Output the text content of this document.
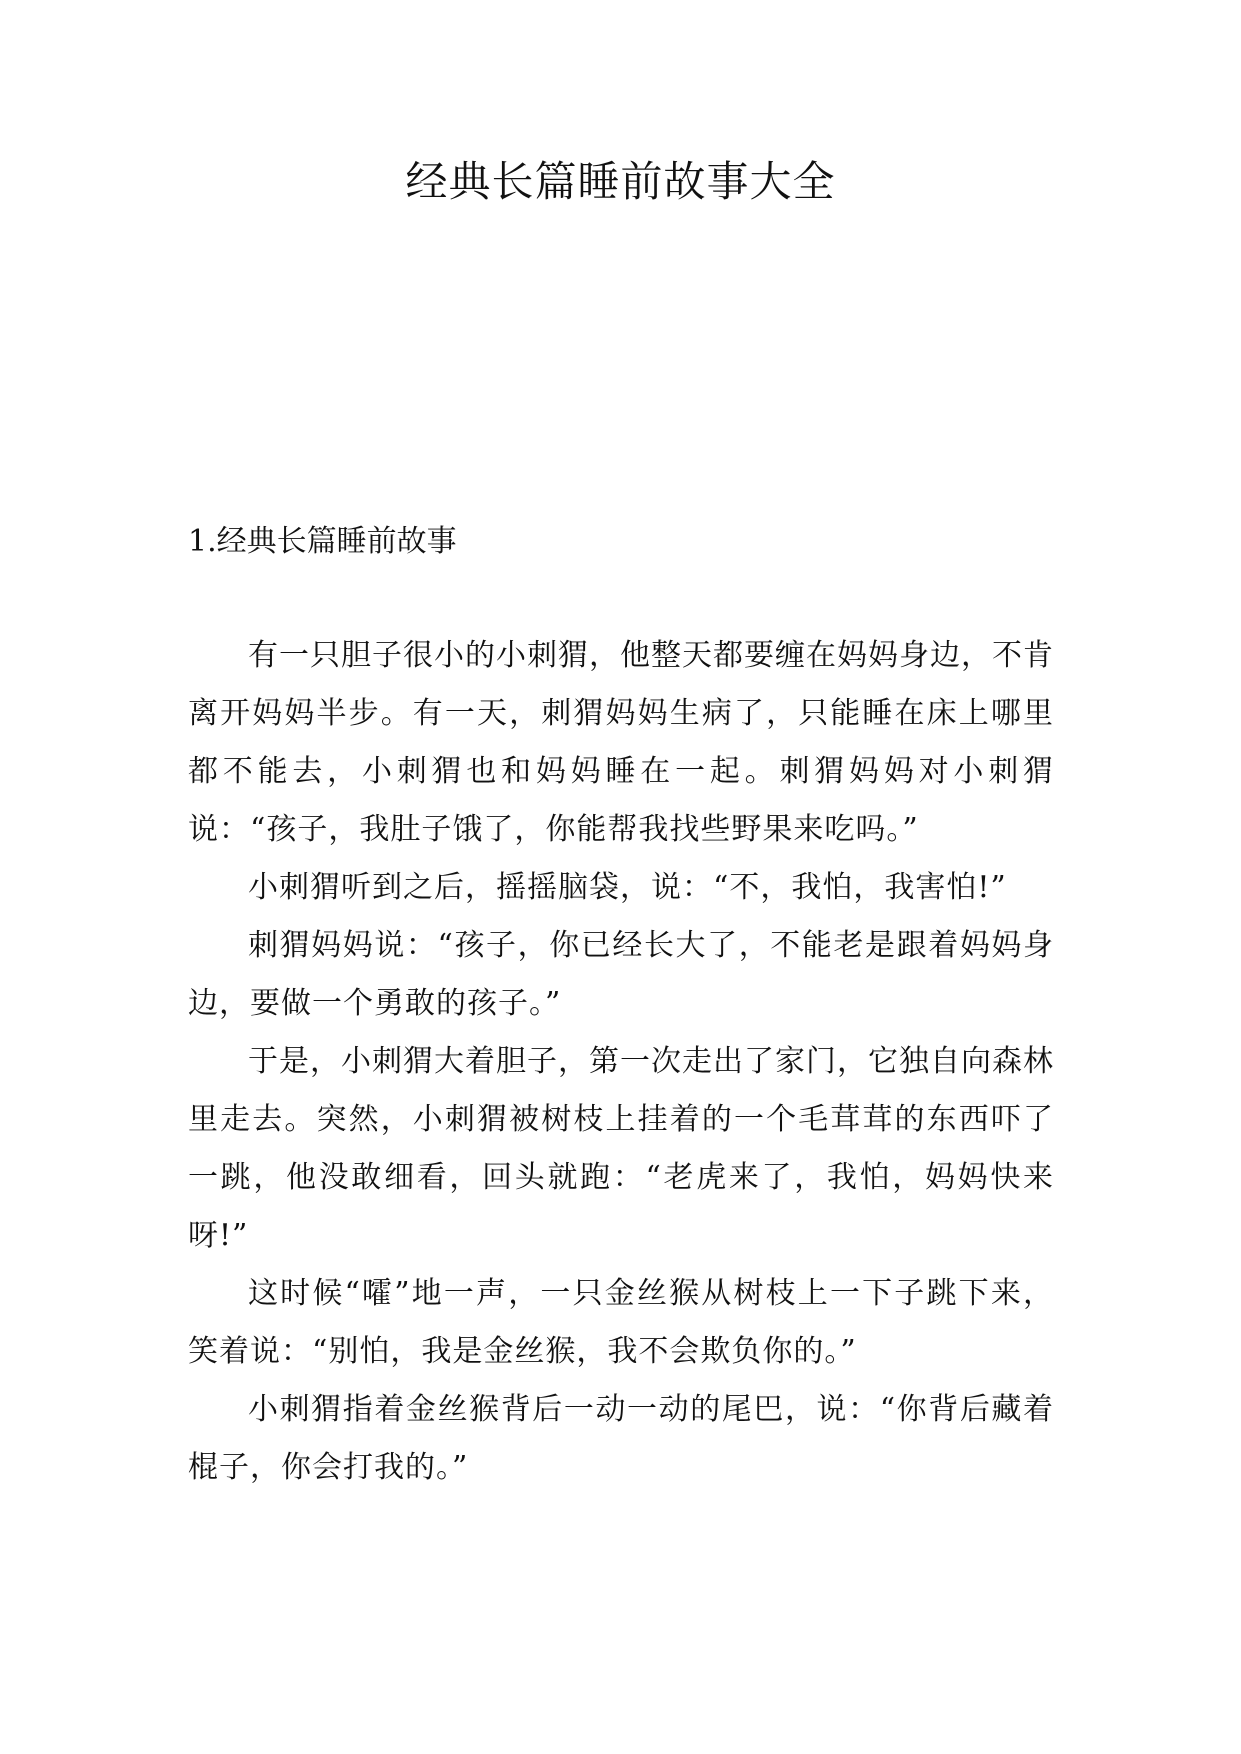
经典长篇睡前故事大全
1.经典长篇睡前故事

有一只胆子很小的小刺猬，他整天都要缠在妈妈身边，不肯离开妈妈半步。有一天，刺猬妈妈生病了，只能睡在床上哪里都不能去，小刺猬也和妈妈睡在一起。刺猬妈妈对小刺猬说：“孩子，我肚子饿了，你能帮我找些野果来吃吗。”

小刺猬听到之后，摇摇脑袋，说：“不，我怕，我害怕!”

刺猬妈妈说：“孩子，你已经长大了，不能老是跟着妈妈身边，要做一个勇敢的孩子。”

于是，小刺猬大着胆子，第一次走出了家门，它独自向森林里走去。突然，小刺猬被树枝上挂着的一个毛茸茸的东西吓了一跳，他没敢细看，回头就跑：“老虎来了，我怕，妈妈快来呀!”

这时候“嚯”地一声，一只金丝猴从树枝上一下子跳下来，笑着说：“别怕，我是金丝猴，我不会欺负你的。”

小刺猬指着金丝猴背后一动一动的尾巴，说：“你背后藏着棍子，你会打我的。”
